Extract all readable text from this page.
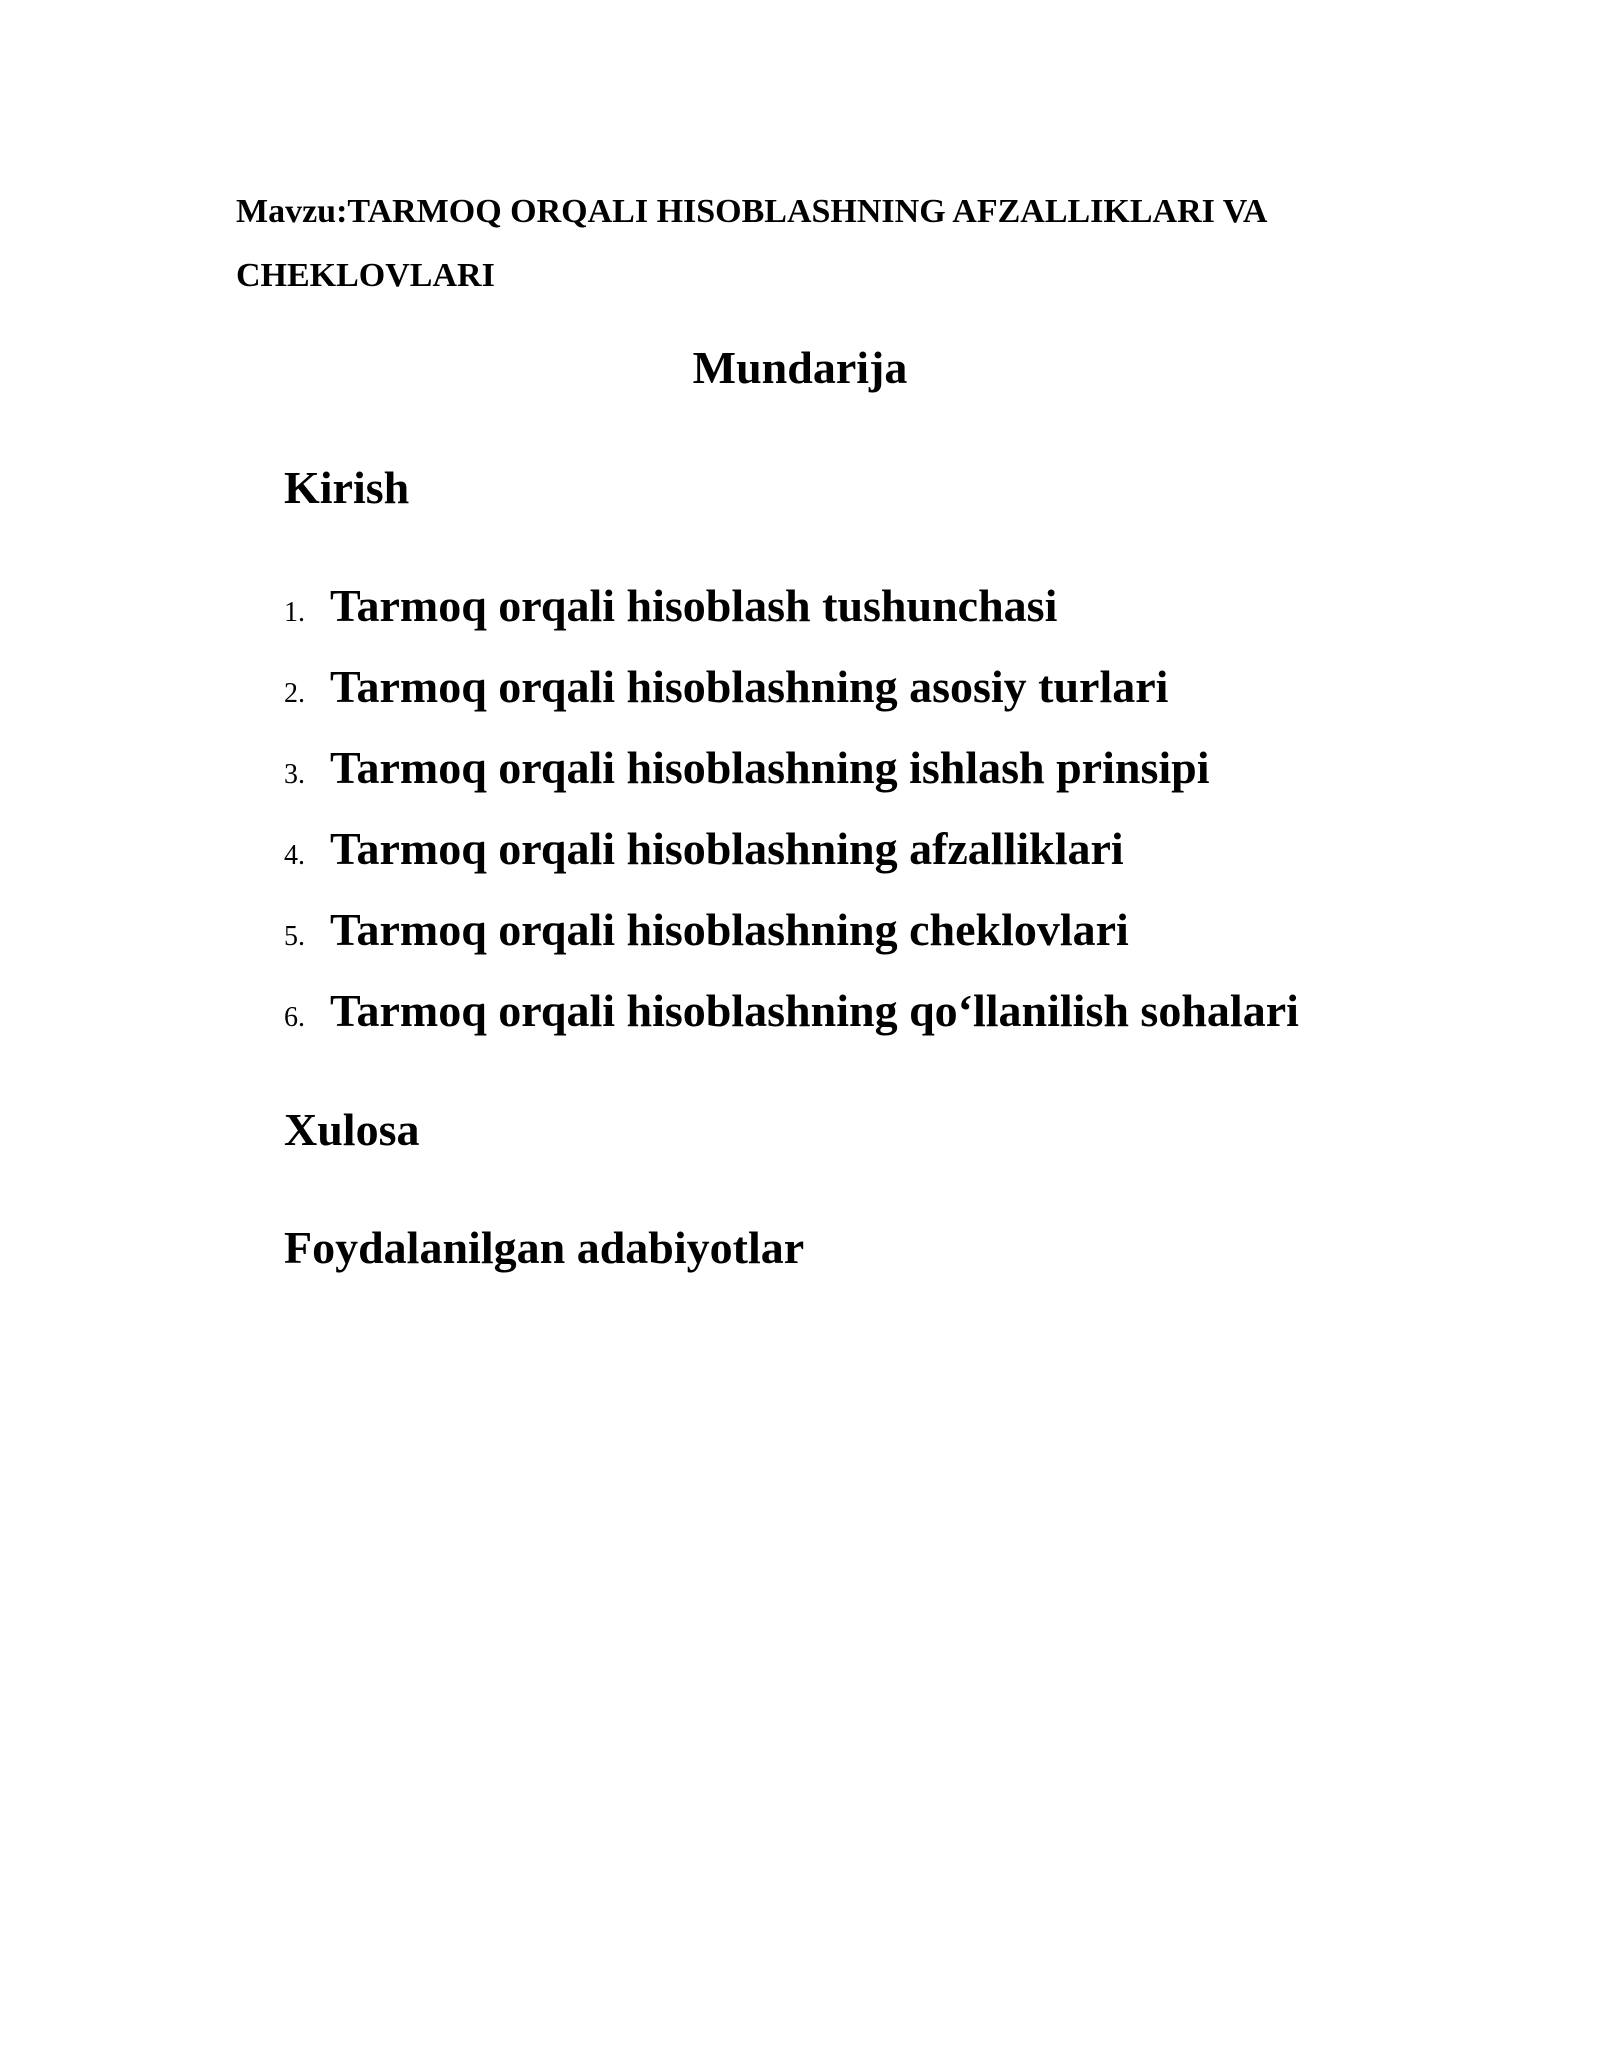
Mavzu:TARMOQ ORQALI HISOBLASHNING AFZALLIKLARI VA CHEKLOVLARI

Mundarija

Kirish

1. Tarmoq orqali hisoblash tushunchasi
2. Tarmoq orqali hisoblashning asosiy turlari
3. Tarmoq orqali hisoblashning ishlash prinsipi
4. Tarmoq orqali hisoblashning afzalliklari
5. Tarmoq orqali hisoblashning cheklovlari
6. Tarmoq orqali hisoblashning qo‘llanilish sohalari

Xulosa

Foydalanilgan adabiyotlar
